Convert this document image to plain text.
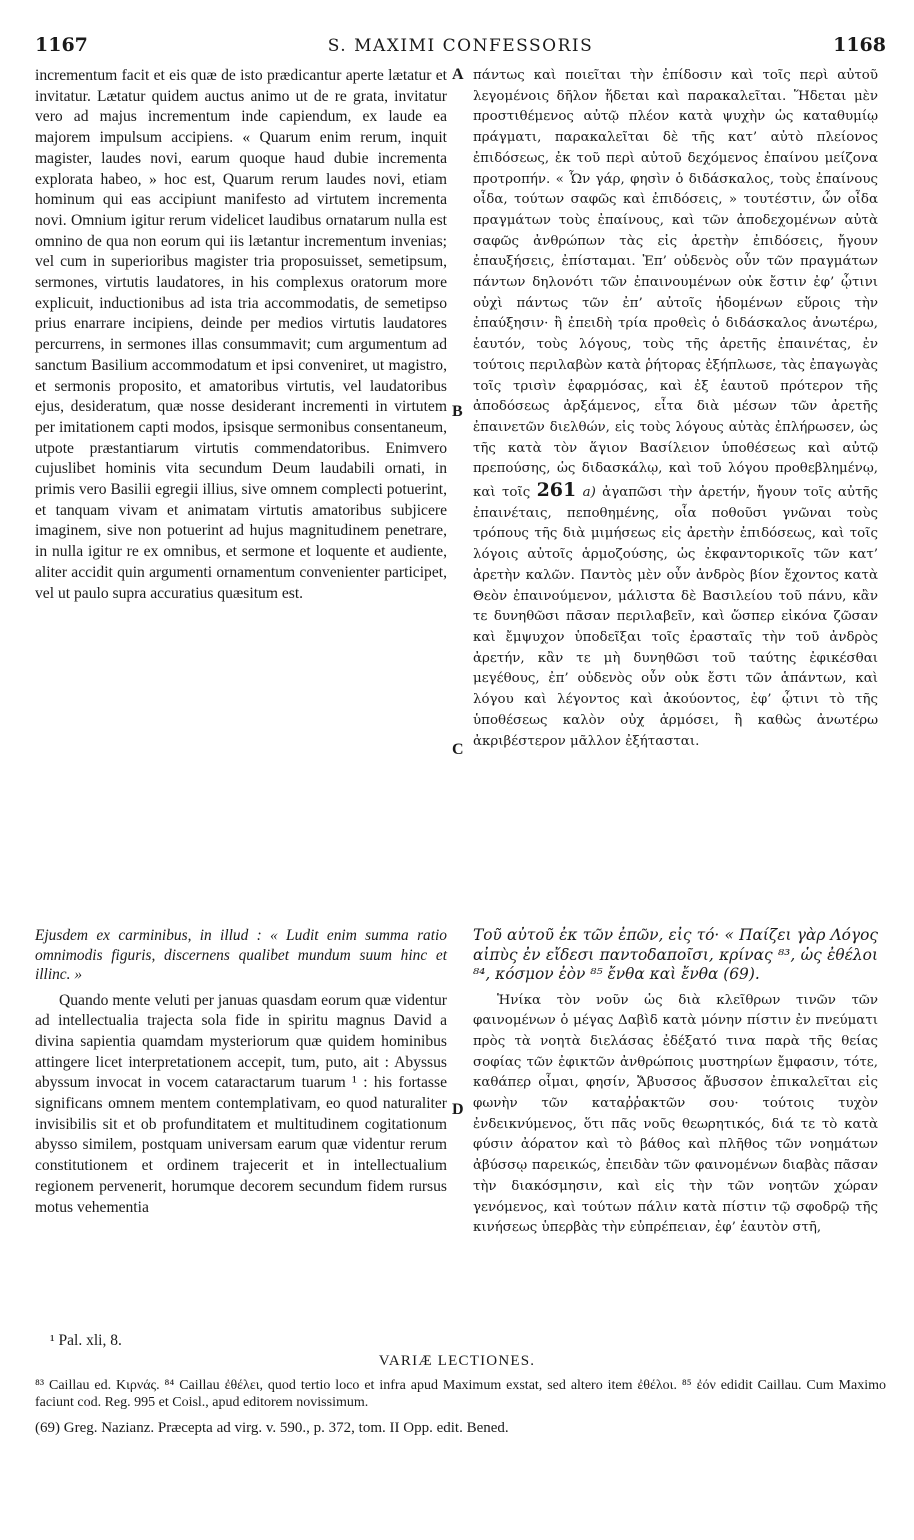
1167	S. MAXIMI CONFESSORIS	1168
A
B
C
D

incrementum facit et eis quæ de isto prædicantur aperte lætatur et invitatur. Lætatur quidem auctus animo ut de re grata, invitatur vero ad majus incrementum inde capiendum, ex laude ea majorem impulsum accipiens. « Quarum enim rerum, inquit magister, laudes novi, earum quoque haud dubie incrementa explorata habeo, » hoc est, Quarum rerum laudes novi, etiam hominum qui eas accipiunt manifesto ad virtutem incrementa novi. Omnium igitur rerum videlicet laudibus ornatarum nulla est omnino de qua non eorum qui iis lætantur incrementum invenias; vel cum in superioribus magister tria proposuisset, semetipsum, sermones, virtutis laudatores, in his complexus oratorum more explicuit, inductionibus ad ista tria accommodatis, de semetipso prius enarrare incipiens, deinde per medios virtutis laudatores percurrens, in sermones illas consummavit; cum argumentum ad sanctum Basilium accommodatum et ipsi conveniret, ut magistro, et sermonis proposito, et amatoribus virtutis, vel laudatoribus ejus, desideratum, quæ nosse desiderant incrementi in virtutem per imitationem capti modos, ipsisque sermonibus consentaneum, utpote præstantiarum virtutis commendatoribus. Enimvero cujuslibet hominis vita secundum Deum laudabili ornati, in primis vero Basilii egregii illius, sive omnem complecti potuerint, et tanquam vivam et animatam virtutis amatoribus subjicere imaginem, sive non potuerint ad hujus magnitudinem penetrare, in nulla igitur re ex omnibus, et sermone et loquente et audiente, aliter accidit quin argumenti ornamentum convenienter participet, vel ut paulo supra accuratius quæsitum est.

πάντως καὶ ποιεῖται τὴν ἐπίδοσιν καὶ τοῖς περὶ αὐτοῦ λεγομένοις δῆλον ἥδεται καὶ παρακαλεῖται. Ἥδεται μὲν προστιθέμενος αὐτῷ πλέον κατὰ ψυχὴν ὡς καταθυμίῳ πράγματι, παρακαλεῖται δὲ τῆς κατ’ αὐτὸ πλείονος ἐπιδόσεως, ἐκ τοῦ περὶ αὐτοῦ δεχόμενος ἐπαίνου μείζονα προτροπήν. « Ὧν γάρ, φησὶν ὁ διδάσκαλος, τοὺς ἐπαίνους οἶδα, τούτων σαφῶς καὶ ἐπιδόσεις, » τουτέστιν, ὧν οἶδα πραγμάτων τοὺς ἐπαίνους, καὶ τῶν ἀποδεχομένων αὐτὰ σαφῶς ἀνθρώπων τὰς εἰς ἀρετὴν ἐπιδόσεις, ἤγουν ἐπαυξήσεις, ἐπίσταμαι. Ἐπ’ οὐδενὸς οὖν τῶν πραγμάτων πάντων δηλονότι τῶν ἐπαινουμένων οὐκ ἔστιν ἐφ’ ᾧτινι οὐχὶ πάντως τῶν ἐπ’ αὐτοῖς ἡδομένων εὕροις τὴν ἐπαύξησιν· ἢ ἐπειδὴ τρία προθεὶς ὁ διδάσκαλος ἀνωτέρω, ἑαυτόν, τοὺς λόγους, τοὺς τῆς ἀρετῆς ἐπαινέτας, ἐν τούτοις περιλαβὼν κατὰ ῥήτορας ἐξήπλωσε, τὰς ἐπαγωγὰς τοῖς τρισὶν ἐφαρμόσας, καὶ ἐξ ἑαυτοῦ πρότερον τῆς ἀποδόσεως ἀρξάμενος, εἶτα διὰ μέσων τῶν ἀρετῆς ἐπαινετῶν διελθών, εἰς τοὺς λόγους αὐτὰς ἐπλήρωσεν, ὡς τῆς κατὰ τὸν ἅγιον Βασίλειον ὑποθέσεως καὶ αὐτῷ πρεπούσης, ὡς διδασκάλῳ, καὶ τοῦ λόγου προθεβλημένῳ, καὶ τοῖς 261 a) ἀγαπῶσι τὴν ἀρετήν, ἤγουν τοῖς αὐτῆς ἐπαινέταις, πεποθημένης, οἷα ποθοῦσι γνῶναι τοὺς τρόπους τῆς διὰ μιμήσεως εἰς ἀρετὴν ἐπιδόσεως, καὶ τοῖς λόγοις αὐτοῖς ἁρμοζούσης, ὡς ἐκφαντορικοῖς τῶν κατ’ ἀρετὴν καλῶν. Παντὸς μὲν οὖν ἀνδρὸς βίον ἔχοντος κατὰ Θεὸν ἐπαινούμενον, μάλιστα δὲ Βασιλείου τοῦ πάνυ, κἂν τε δυνηθῶσι πᾶσαν περιλαβεῖν, καὶ ὥσπερ εἰκόνα ζῶσαν καὶ ἔμψυχον ὑποδεῖξαι τοῖς ἐρασταῖς τὴν τοῦ ἀνδρὸς ἀρετήν, κἂν τε μὴ δυνηθῶσι τοῦ ταύτης ἐφικέσθαι μεγέθους, ἐπ’ οὐδενὸς οὖν οὐκ ἔστι τῶν ἁπάντων, καὶ λόγου καὶ λέγοντος καὶ ἀκούοντος, ἐφ’ ᾧτινι τὸ τῆς ὑποθέσεως καλὸν οὐχ ἁρμόσει, ἢ καθὼς ἀνωτέρω ἀκριβέστερον μᾶλλον ἐξήτασται.

Ejusdem ex carminibus, in illud : « Ludit enim summa ratio omnimodis figuris, discernens qualibet mundum suum hinc et illinc. »

Quando mente veluti per januas quasdam eorum quæ videntur ad intellectualia trajecta sola fide in spiritu magnus David a divina sapientia quamdam mysteriorum quæ quidem hominibus attingere licet interpretationem accepit, tum, puto, ait : Abyssus abyssum invocat in vocem cataractarum tuarum ¹ : his fortasse significans omnem mentem contemplativam, eo quod naturaliter invisibilis sit et ob profunditatem et multitudinem cogitationum abysso similem, postquam universam earum quæ videntur rerum constitutionem et ordinem trajecerit et in intellectualium regionem pervenerit, horumque decorem secundum fidem rursus motus vehementia

Τοῦ αὐτοῦ ἐκ τῶν ἐπῶν, εἰς τό· « Παίζει γὰρ Λόγος αἰπὺς ἐν εἴδεσι παντοδαποῖσι, κρίνας ⁸³, ὡς ἐθέλοι ⁸⁴, κόσμον ἐὸν ⁸⁵ ἔνθα καὶ ἔνθα (69).

Ἡνίκα τὸν νοῦν ὡς διὰ κλεῖθρων τινῶν τῶν φαινομένων ὁ μέγας Δαβὶδ κατὰ μόνην πίστιν ἐν πνεύματι πρὸς τὰ νοητὰ διελάσας ἐδέξατό τινα παρὰ τῆς θείας σοφίας τῶν ἐφικτῶν ἀνθρώποις μυστηρίων ἔμφασιν, τότε, καθάπερ οἶμαι, φησίν, Ἄβυσσος ἄβυσσον ἐπικαλεῖται εἰς φωνὴν τῶν καταῤῥακτῶν σου· τούτοις τυχὸν ἐνδεικνύμενος, ὅτι πᾶς νοῦς θεωρητικός, διά τε τὸ κατὰ φύσιν ἀόρατον καὶ τὸ βάθος καὶ πλῆθος τῶν νοημάτων ἀβύσσῳ παρεικώς, ἐπειδὰν τῶν φαινομένων διαβὰς πᾶσαν τὴν διακόσμησιν, καὶ εἰς τὴν τῶν νοητῶν χώραν γενόμενος, καὶ τούτων πάλιν κατὰ πίστιν τῷ σφοδρῷ τῆς κινήσεως ὑπερβὰς τὴν εὐπρέπειαν, ἐφ’ ἑαυτὸν στῆ,

¹ Pal. xli, 8.
VARIÆ LECTIONES.
⁸³ Caillau ed. Κιρνάς. ⁸⁴ Caillau ἐθέλει, quod tertio loco et infra apud Maximum exstat, sed altero item ἐθέλοι. ⁸⁵ ἐόν edidit Caillau. Cum Maximo faciunt cod. Reg. 995 et Coisl., apud editorem novissimum.
(69) Greg. Nazianz. Præcepta ad virg. v. 590., p. 372, tom. II Opp. edit. Bened.
